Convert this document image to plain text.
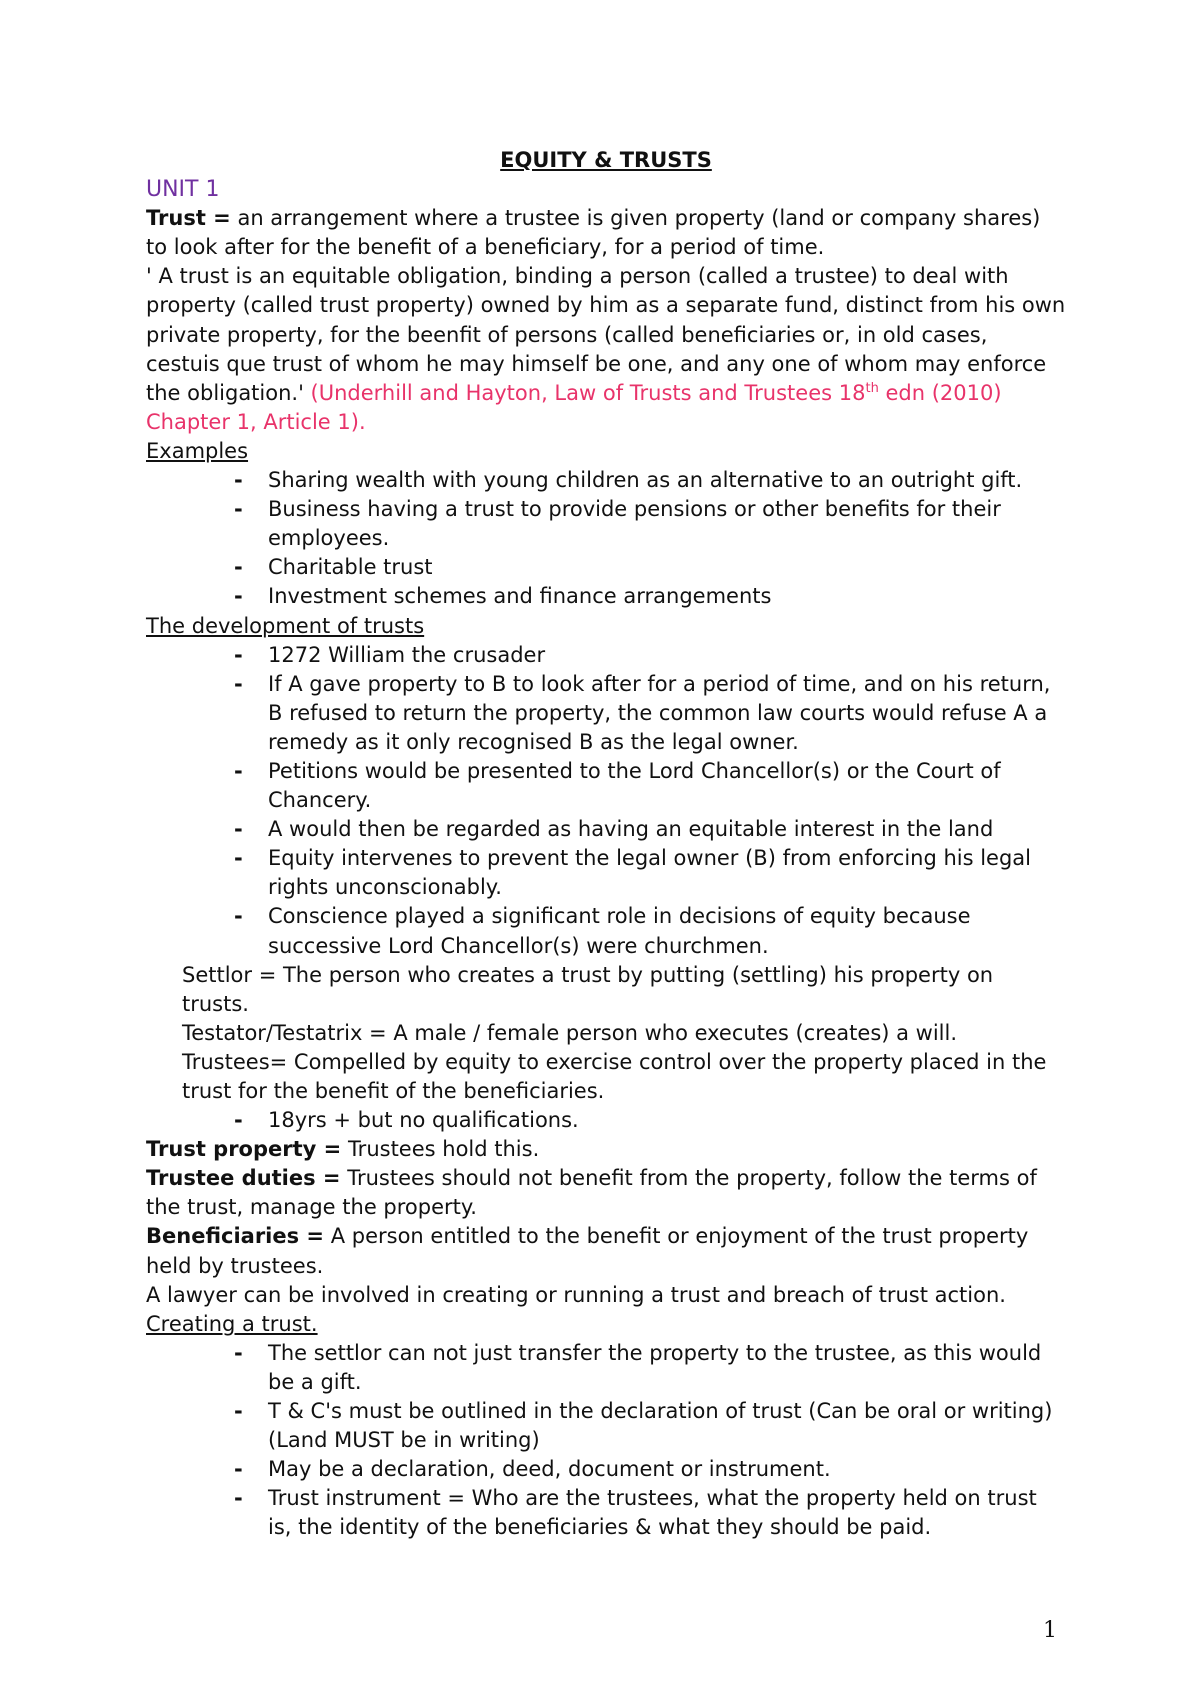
EQUITY & TRUSTS

UNIT 1

Trust = an arrangement where a trustee is given property (land or company shares) to look after for the benefit of a beneficiary, for a period of time.

' A trust is an equitable obligation, binding a person (called a trustee) to deal with property (called trust property) owned by him as a separate fund, distinct from his own private property, for the beenfit of persons (called beneficiaries or, in old cases, cestuis que trust of whom he may himself be one, and any one of whom may enforce the obligation.' (Underhill and Hayton, Law of Trusts and Trustees 18th edn (2010) Chapter 1, Article 1).

Examples

- Sharing wealth with young children as an alternative to an outright gift.
- Business having a trust to provide pensions or other benefits for their employees.
- Charitable trust
- Investment schemes and finance arrangements

The development of trusts

- 1272 William the crusader
- If A gave property to B to look after for a period of time, and on his return, B refused to return the property, the common law courts would refuse A a remedy as it only recognised B as the legal owner.
- Petitions would be presented to the Lord Chancellor(s) or the Court of Chancery.
- A would then be regarded as having an equitable interest in the land
- Equity intervenes to prevent the legal owner (B) from enforcing his legal rights unconscionably.
- Conscience played a significant role in decisions of equity because successive Lord Chancellor(s) were churchmen.

Settlor = The person who creates a trust by putting (settling) his property on trusts.

Testator/Testatrix = A male / female person who executes (creates) a will.

Trustees= Compelled by equity to exercise control over the property placed in the trust for the benefit of the beneficiaries.

- 18yrs + but no qualifications.

Trust property = Trustees hold this.

Trustee duties = Trustees should not benefit from the property, follow the terms of the trust, manage the property.

Beneficiaries = A person entitled to the benefit or enjoyment of the trust property held by trustees.

A lawyer can be involved in creating or running a trust and breach of trust action.

Creating a trust.

- The settlor can not just transfer the property to the trustee, as this would be a gift.
- T & C's must be outlined in the declaration of trust (Can be oral or writing) (Land MUST be in writing)
- May be a declaration, deed, document or instrument.
- Trust instrument = Who are the trustees, what the property held on trust is, the identity of the beneficiaries & what they should be paid.
1
